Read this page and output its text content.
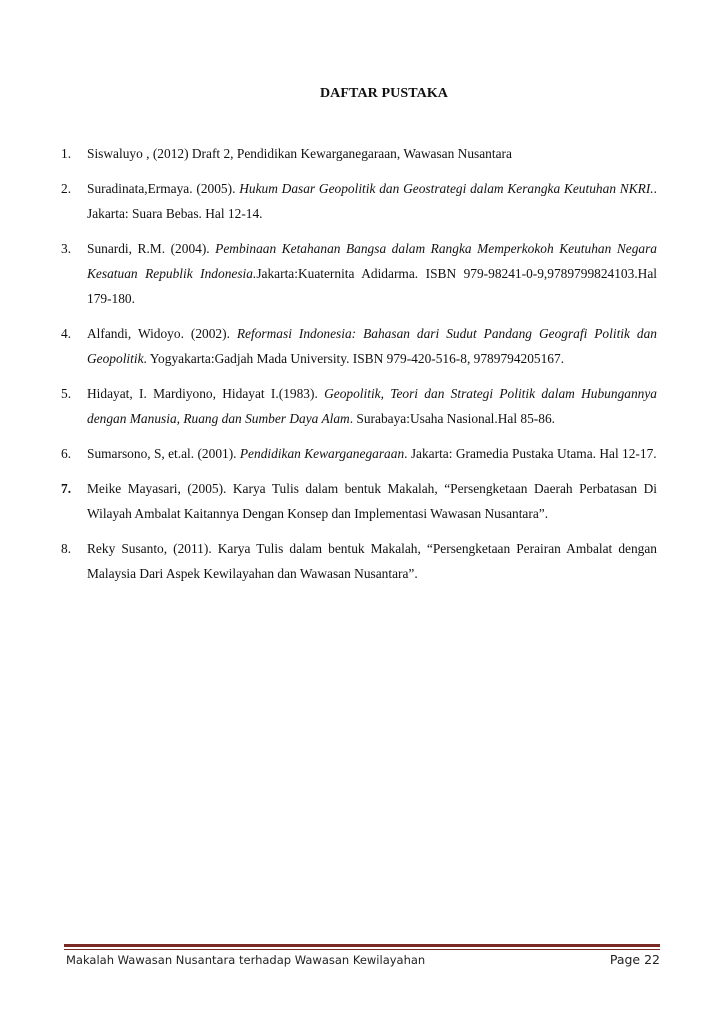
DAFTAR PUSTAKA
1. Siswaluyo , (2012) Draft 2, Pendidikan Kewarganegaraan, Wawasan Nusantara
2. Suradinata,Ermaya. (2005). Hukum Dasar Geopolitik dan Geostrategi dalam Kerangka Keutuhan NKRI.. Jakarta: Suara Bebas. Hal 12-14.
3. Sunardi, R.M. (2004). Pembinaan Ketahanan Bangsa dalam Rangka Memperkokoh Keutuhan Negara Kesatuan Republik Indonesia.Jakarta:Kuaternita Adidarma. ISBN 979-98241-0-9,9789799824103.Hal 179-180.
4. Alfandi, Widoyo. (2002). Reformasi Indonesia: Bahasan dari Sudut Pandang Geografi Politik dan Geopolitik. Yogyakarta:Gadjah Mada University. ISBN 979-420-516-8, 9789794205167.
5. Hidayat, I. Mardiyono, Hidayat I.(1983). Geopolitik, Teori dan Strategi Politik dalam Hubungannya dengan Manusia, Ruang dan Sumber Daya Alam. Surabaya:Usaha Nasional.Hal 85-86.
6. Sumarsono, S, et.al. (2001). Pendidikan Kewarganegaraan. Jakarta: Gramedia Pustaka Utama. Hal 12-17.
7. Meike Mayasari, (2005). Karya Tulis dalam bentuk Makalah, “Persengketaan Daerah Perbatasan Di Wilayah Ambalat Kaitannya Dengan Konsep dan Implementasi Wawasan Nusantara”.
8. Reky Susanto, (2011). Karya Tulis dalam bentuk Makalah, “Persengketaan Perairan Ambalat dengan Malaysia Dari Aspek Kewilayahan dan Wawasan Nusantara”.
Makalah Wawasan Nusantara terhadap Wawasan Kewilayahan	Page 22
